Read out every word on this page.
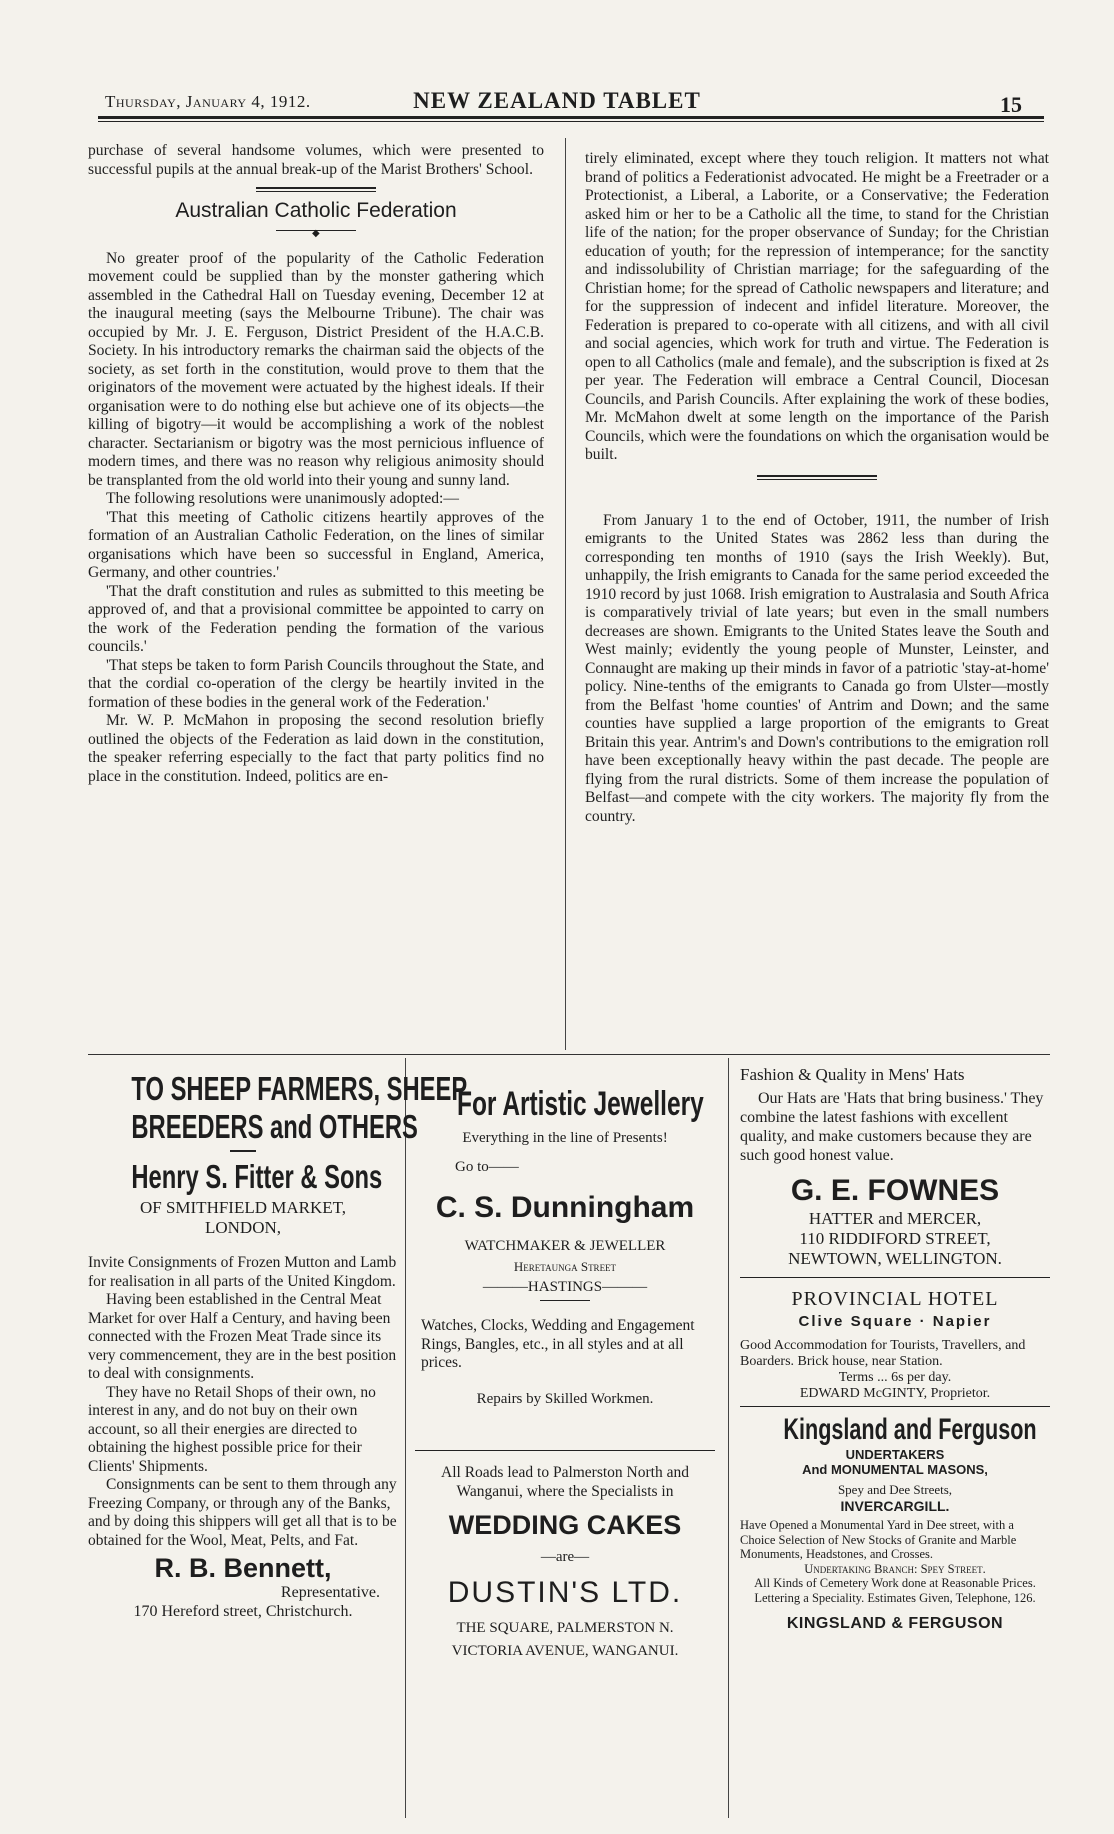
Thursday, January 4, 1912.	NEW ZEALAND TABLET	15

purchase of several handsome volumes, which were presented to successful pupils at the annual break-up of the Marist Brothers' School.

Australian Catholic Federation
◆

No greater proof of the popularity of the Catholic Federation movement could be supplied than by the monster gathering which assembled in the Cathedral Hall on Tuesday evening, December 12 at the inaugural meeting (says the Melbourne Tribune). The chair was occupied by Mr. J. E. Ferguson, District President of the H.A.C.B. Society. In his introductory remarks the chairman said the objects of the society, as set forth in the constitution, would prove to them that the originators of the movement were actuated by the highest ideals. If their organisation were to do nothing else but achieve one of its objects—the killing of bigotry—it would be accomplishing a work of the noblest character. Sectarianism or bigotry was the most pernicious influence of modern times, and there was no reason why religious animosity should be transplanted from the old world into their young and sunny land.

The following resolutions were unanimously adopted:—

'That this meeting of Catholic citizens heartily approves of the formation of an Australian Catholic Federation, on the lines of similar organisations which have been so successful in England, America, Germany, and other countries.'

'That the draft constitution and rules as submitted to this meeting be approved of, and that a provisional committee be appointed to carry on the work of the Federation pending the formation of the various councils.'

'That steps be taken to form Parish Councils throughout the State, and that the cordial co-operation of the clergy be heartily invited in the formation of these bodies in the general work of the Federation.'

Mr. W. P. McMahon in proposing the second resolution briefly outlined the objects of the Federation as laid down in the constitution, the speaker referring especially to the fact that party politics find no place in the constitution. Indeed, politics are en-

tirely eliminated, except where they touch religion. It matters not what brand of politics a Federationist advocated. He might be a Freetrader or a Protectionist, a Liberal, a Laborite, or a Conservative; the Federation asked him or her to be a Catholic all the time, to stand for the Christian life of the nation; for the proper observance of Sunday; for the Christian education of youth; for the repression of intemperance; for the sanctity and indissolubility of Christian marriage; for the safeguarding of the Christian home; for the spread of Catholic newspapers and literature; and for the suppression of indecent and infidel literature. Moreover, the Federation is prepared to co-operate with all citizens, and with all civil and social agencies, which work for truth and virtue. The Federation is open to all Catholics (male and female), and the subscription is fixed at 2s per year. The Federation will embrace a Central Council, Diocesan Councils, and Parish Councils. After explaining the work of these bodies, Mr. McMahon dwelt at some length on the importance of the Parish Councils, which were the foundations on which the organisation would be built.

From January 1 to the end of October, 1911, the number of Irish emigrants to the United States was 2862 less than during the corresponding ten months of 1910 (says the Irish Weekly). But, unhappily, the Irish emigrants to Canada for the same period exceeded the 1910 record by just 1068. Irish emigration to Australasia and South Africa is comparatively trivial of late years; but even in the small numbers decreases are shown. Emigrants to the United States leave the South and West mainly; evidently the young people of Munster, Leinster, and Connaught are making up their minds in favor of a patriotic 'stay-at-home' policy. Nine-tenths of the emigrants to Canada go from Ulster—mostly from the Belfast 'home counties' of Antrim and Down; and the same counties have supplied a large proportion of the emigrants to Great Britain this year. Antrim's and Down's contributions to the emigration roll have been exceptionally heavy within the past decade. The people are flying from the rural districts. Some of them increase the population of Belfast—and compete with the city workers. The majority fly from the country.

TO SHEEP FARMERS, SHEEP
BREEDERS and OTHERS
Henry S. Fitter & Sons
OF SMITHFIELD MARKET,
LONDON,

Invite Consignments of Frozen Mutton and Lamb for realisation in all parts of the United Kingdom.

Having been established in the Central Meat Market for over Half a Century, and having been connected with the Frozen Meat Trade since its very commencement, they are in the best position to deal with consignments.

They have no Retail Shops of their own, no interest in any, and do not buy on their own account, so all their energies are directed to obtaining the highest possible price for their Clients' Shipments.

Consignments can be sent to them through any Freezing Company, or through any of the Banks, and by doing this shippers will get all that is to be obtained for the Wool, Meat, Pelts, and Fat.

R. B. Bennett,
Representative.
170 Hereford street, Christchurch.
For Artistic Jewellery
Everything in the line of Presents!
Go to——
C. S. Dunningham
WATCHMAKER & JEWELLER
Heretaunga Street
———HASTINGS———
Watches, Clocks, Wedding and Engagement Rings, Bangles, etc., in all styles and at all prices.
Repairs by Skilled Workmen.
All Roads lead to Palmerston North and Wanganui, where the Specialists in
WEDDING CAKES
—are—
DUSTIN'S LTD.
THE SQUARE, PALMERSTON N.
VICTORIA AVENUE, WANGANUI.
Fashion & Quality in Mens' Hats

Our Hats are 'Hats that bring business.' They combine the latest fashions with excellent quality, and make customers because they are such good honest value.

G. E. FOWNES
HATTER and MERCER,
110 RIDDIFORD STREET,
NEWTOWN, WELLINGTON.
PROVINCIAL HOTEL
Clive Square · Napier
Good Accommodation for Tourists, Travellers, and Boarders. Brick house, near Station.
Terms ... 6s per day.
EDWARD McGINTY, Proprietor.
Kingsland and Ferguson
UNDERTAKERS
And MONUMENTAL MASONS,
Spey and Dee Streets,
INVERCARGILL.
Have Opened a Monumental Yard in Dee street, with a Choice Selection of New Stocks of Granite and Marble Monuments, Headstones, and Crosses.
Undertaking Branch: Spey Street.
All Kinds of Cemetery Work done at Reasonable Prices.
Lettering a Speciality. Estimates Given, Telephone, 126.
KINGSLAND & FERGUSON
